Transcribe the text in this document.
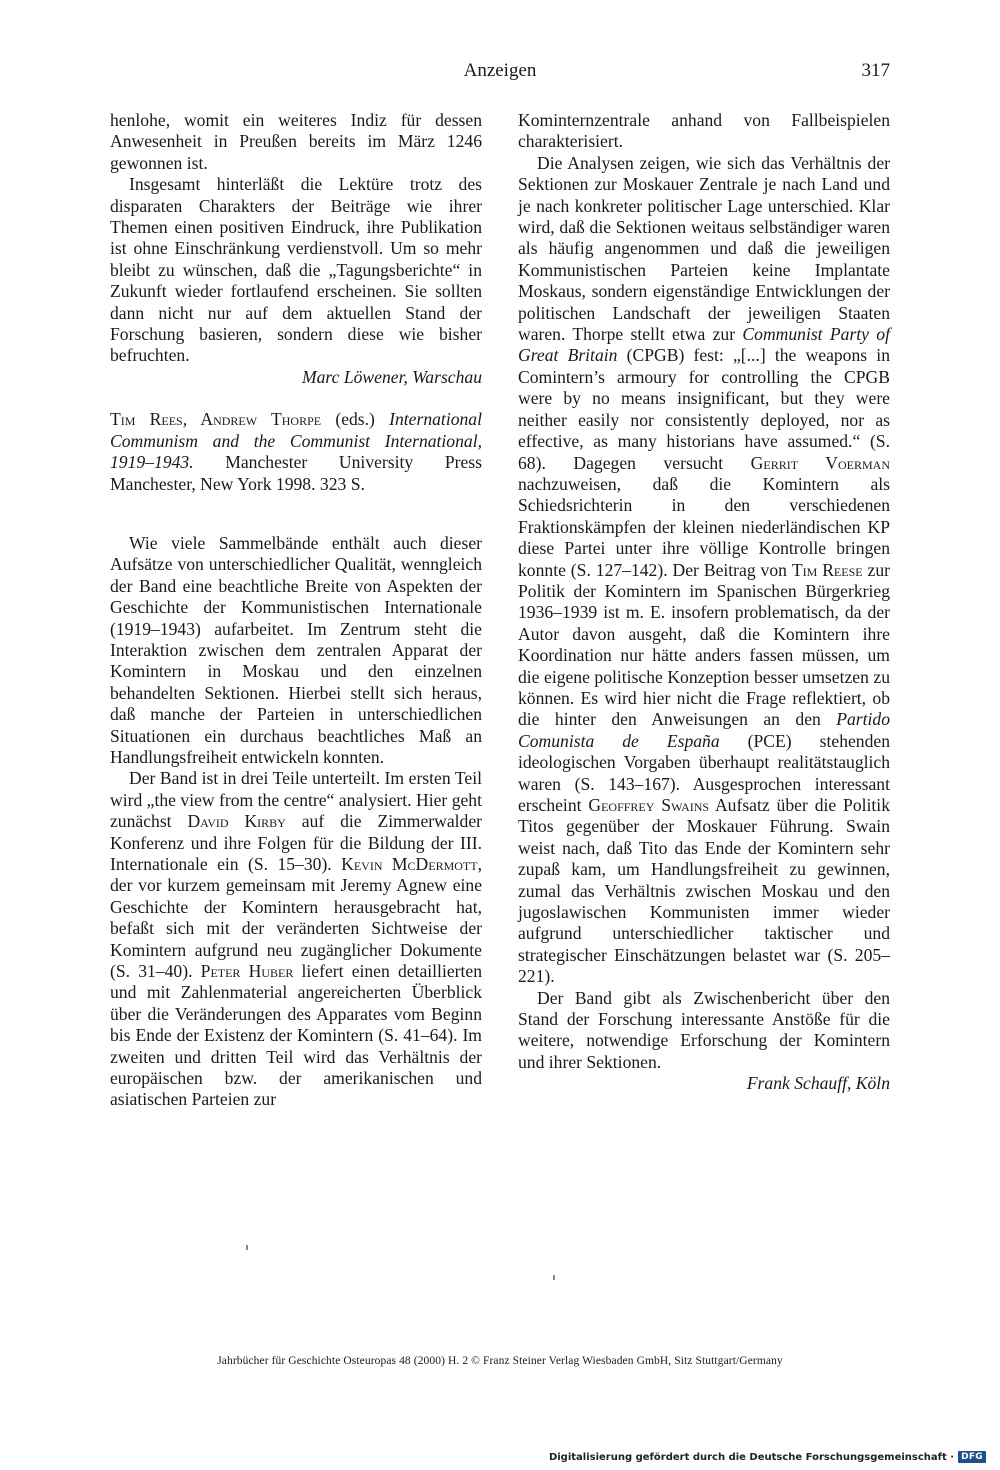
Anzeigen	317

henlohe, womit ein weiteres Indiz für dessen Anwesenheit in Preußen bereits im März 1246 gewonnen ist.

Insgesamt hinterläßt die Lektüre trotz des disparaten Charakters der Beiträge wie ihrer Themen einen positiven Eindruck, ihre Publikation ist ohne Einschränkung verdienstvoll. Um so mehr bleibt zu wünschen, daß die „Tagungsberichte“ in Zukunft wieder fortlaufend erscheinen. Sie sollten dann nicht nur auf dem aktuellen Stand der Forschung basieren, sondern diese wie bisher befruchten.

Marc Löwener, Warschau

Tim Rees, Andrew Thorpe (eds.) International Communism and the Communist International, 1919–1943. Manchester University Press Manchester, New York 1998. 323 S.

Wie viele Sammelbände enthält auch dieser Aufsätze von unterschiedlicher Qualität, wenngleich der Band eine beachtliche Breite von Aspekten der Geschichte der Kommunistischen Internationale (1919–1943) aufarbeitet. Im Zentrum steht die Interaktion zwischen dem zentralen Apparat der Komintern in Moskau und den einzelnen behandelten Sektionen. Hierbei stellt sich heraus, daß manche der Parteien in unterschiedlichen Situationen ein durchaus beachtliches Maß an Handlungsfreiheit entwickeln konnten.

Der Band ist in drei Teile unterteilt. Im ersten Teil wird „the view from the centre“ analysiert. Hier geht zunächst David Kirby auf die Zimmerwalder Konferenz und ihre Folgen für die Bildung der III. Internationale ein (S. 15–30). Kevin McDermott, der vor kurzem gemeinsam mit Jeremy Agnew eine Geschichte der Komintern herausgebracht hat, befaßt sich mit der veränderten Sichtweise der Komintern aufgrund neu zugänglicher Dokumente (S. 31–40). Peter Huber liefert einen detaillierten und mit Zahlenmaterial angereicherten Überblick über die Veränderungen des Apparates vom Beginn bis Ende der Existenz der Komintern (S. 41–64). Im zweiten und dritten Teil wird das Verhältnis der europäischen bzw. der amerikanischen und asiatischen Parteien zur

Kominternzentrale anhand von Fallbeispielen charakterisiert.

Die Analysen zeigen, wie sich das Verhältnis der Sektionen zur Moskauer Zentrale je nach Land und je nach konkreter politischer Lage unterschied. Klar wird, daß die Sektionen weitaus selbständiger waren als häufig angenommen und daß die jeweiligen Kommunistischen Parteien keine Implantate Moskaus, sondern eigenständige Entwicklungen der politischen Landschaft der jeweiligen Staaten waren. Thorpe stellt etwa zur Communist Party of Great Britain (CPGB) fest: „[...] the weapons in Comintern’s armoury for controlling the CPGB were by no means insignificant, but they were neither easily nor consistently deployed, nor as effective, as many historians have assumed.“ (S. 68). Dagegen versucht Gerrit Voerman nachzuweisen, daß die Komintern als Schiedsrichterin in den verschiedenen Fraktionskämpfen der kleinen niederländischen KP diese Partei unter ihre völlige Kontrolle bringen konnte (S. 127–142). Der Beitrag von Tim Reese zur Politik der Komintern im Spanischen Bürgerkrieg 1936–1939 ist m. E. insofern problematisch, da der Autor davon ausgeht, daß die Komintern ihre Koordination nur hätte anders fassen müssen, um die eigene politische Konzeption besser umsetzen zu können. Es wird hier nicht die Frage reflektiert, ob die hinter den Anweisungen an den Partido Comunista de España (PCE) stehenden ideologischen Vorgaben überhaupt realitätstauglich waren (S. 143–167). Ausgesprochen interessant erscheint Geoffrey Swains Aufsatz über die Politik Titos gegenüber der Moskauer Führung. Swain weist nach, daß Tito das Ende der Komintern sehr zupaß kam, um Handlungsfreiheit zu gewinnen, zumal das Verhältnis zwischen Moskau und den jugoslawischen Kommunisten immer wieder aufgrund unterschiedlicher taktischer und strategischer Einschätzungen belastet war (S. 205–221).

Der Band gibt als Zwischenbericht über den Stand der Forschung interessante Anstöße für die weitere, notwendige Erforschung der Komintern und ihrer Sektionen.

Frank Schauff, Köln

Jahrbücher für Geschichte Osteuropas 48 (2000) H. 2 © Franz Steiner Verlag Wiesbaden GmbH, Sitz Stuttgart/Germany
Digitalisierung gefördert durch die Deutsche Forschungsgemeinschaft · DFG
